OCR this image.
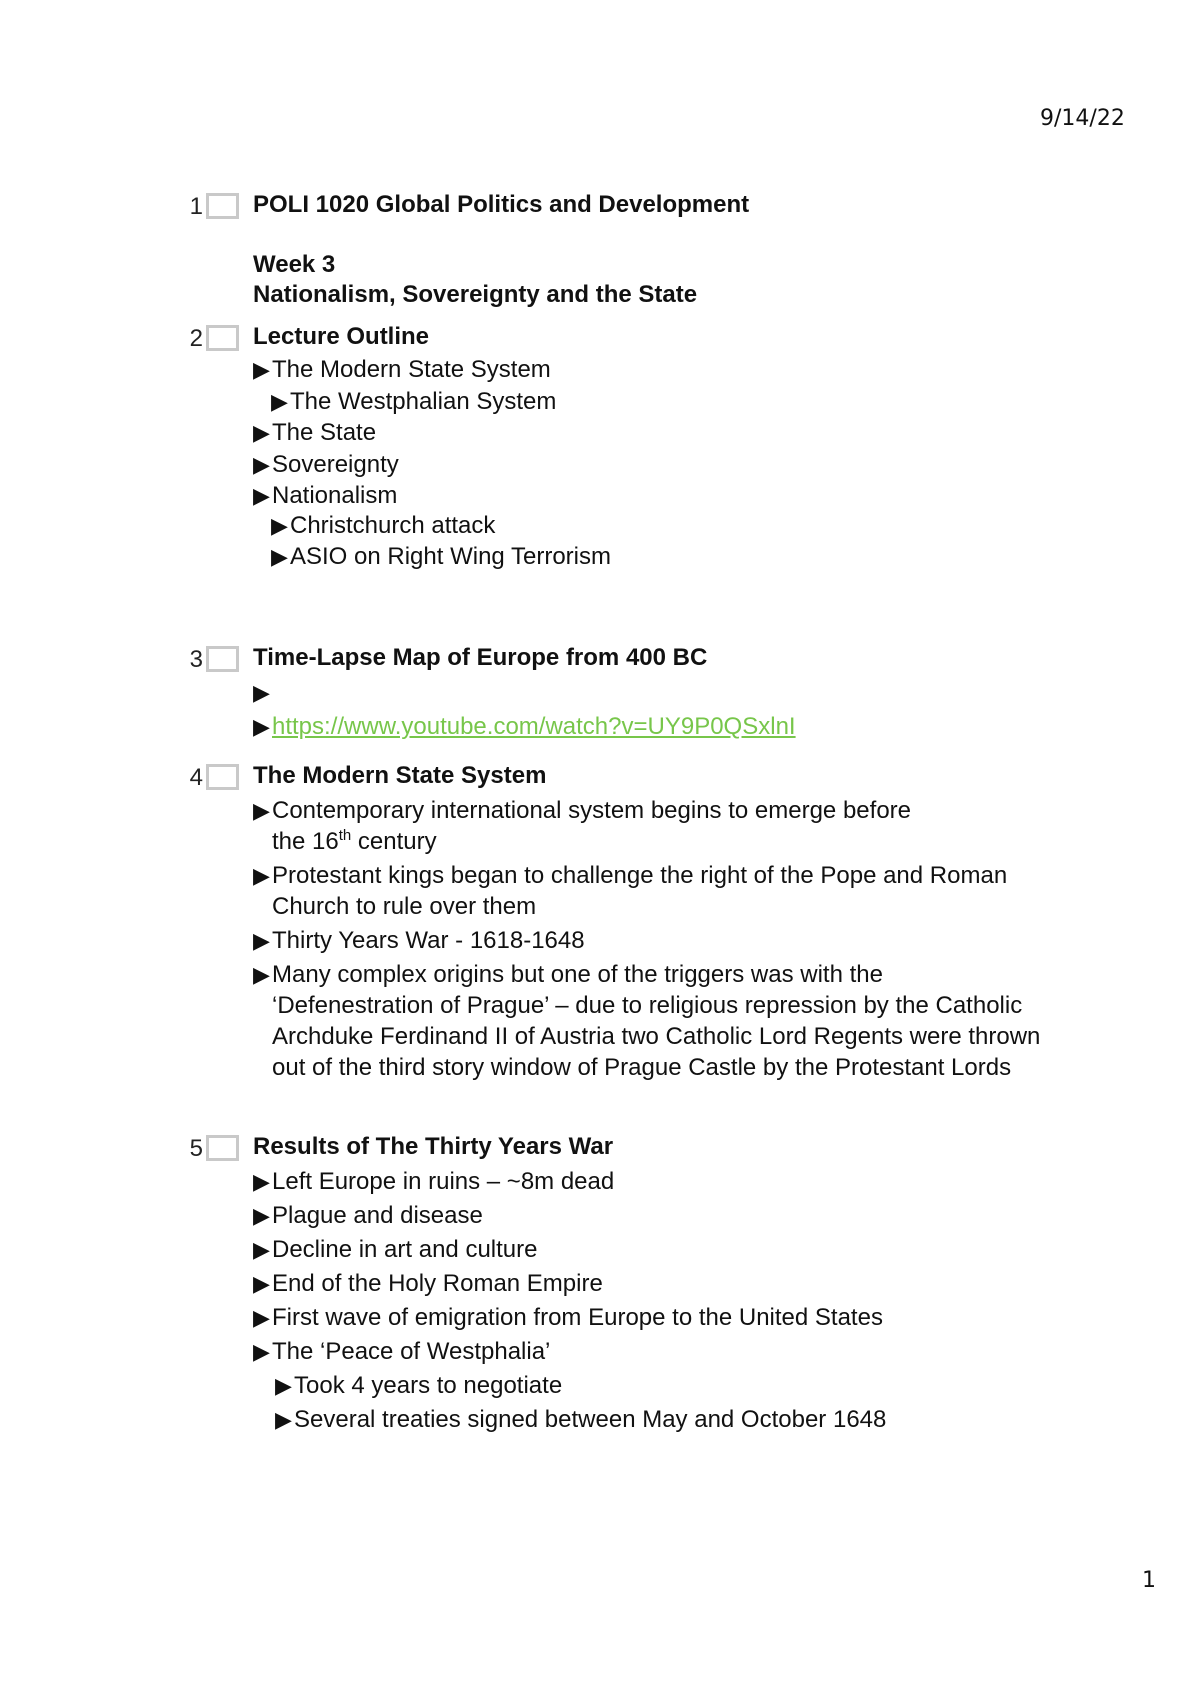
9/14/22
1 POLI 1020 Global Politics and Development

Week 3

Nationalism, Sovereignty and the State

2 Lecture Outline

▶ The Modern State System

▶ The Westphalian System

▶ The State

▶ Sovereignty

▶ Nationalism

▶ Christchurch attack

▶ ASIO on Right Wing Terrorism

3 Time-Lapse Map of Europe from 400 BC

▶

▶ https://www.youtube.com/watch?v=UY9P0QSxlnI

4 The Modern State System

▶ Contemporary international system begins to emerge before
the 16th century

▶ Protestant kings began to challenge the right of the Pope and Roman Church to rule over them

▶ Thirty Years War - 1618-1648

▶ Many complex origins but one of the triggers was with the ‘Defenestration of Prague’ – due to religious repression by the Catholic Archduke Ferdinand II of Austria two Catholic Lord Regents were thrown out of the third story window of Prague Castle by the Protestant Lords

5 Results of The Thirty Years War

▶ Left Europe in ruins – ~8m dead

▶ Plague and disease

▶ Decline in art and culture

▶ End of the Holy Roman Empire

▶ First wave of emigration from Europe to the United States

▶ The ‘Peace of Westphalia’

▶ Took 4 years to negotiate

▶ Several treaties signed between May and October 1648

1
